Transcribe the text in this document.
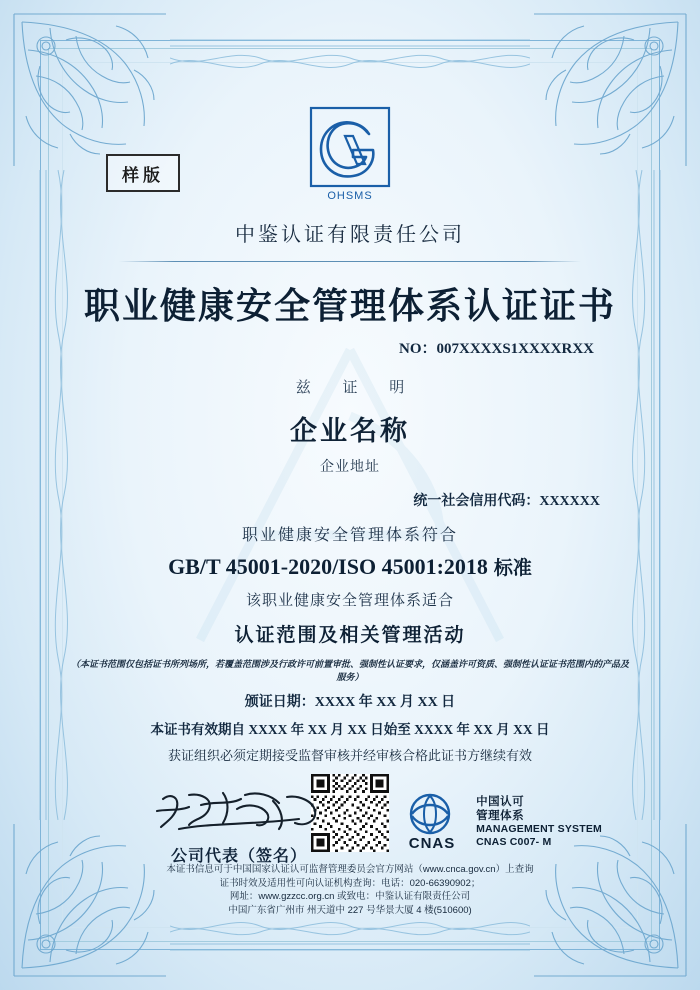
样版
OHSMS
中鉴认证有限责任公司
职业健康安全管理体系认证证书
NO：007XXXXS1XXXXRXX
兹 证 明
企业名称
企业地址
统一社会信用代码：XXXXXX
职业健康安全管理体系符合
GB/T 45001-2020/ISO 45001:2018 标准
该职业健康安全管理体系适合
认证范围及相关管理活动
（本证书范围仅包括证书所列场所，若覆盖范围涉及行政许可前置审批、强制性认证要求，仅涵盖许可资质、强制性认证证书范围内的产品及服务）
颁证日期：XXXX 年 XX 月 XX 日
本证书有效期自 XXXX 年 XX 月 XX 日始至 XXXX 年 XX 月 XX 日
获证组织必须定期接受监督审核并经审核合格此证书方继续有效
公司代表（签名）
CNAS
中国认可
管理体系
MANAGEMENT SYSTEM
CNAS C007- M
本证书信息可于中国国家认证认可监督管理委员会官方网站（www.cnca.gov.cn）上查询
证书时效及适用性可向认证机构查询：电话：020-66390902；
网址：www.gzzcc.org.cn 或致电：中鉴认证有限责任公司
中国广东省广州市 州天道中 227 号华景大厦 4 楼(510600)
